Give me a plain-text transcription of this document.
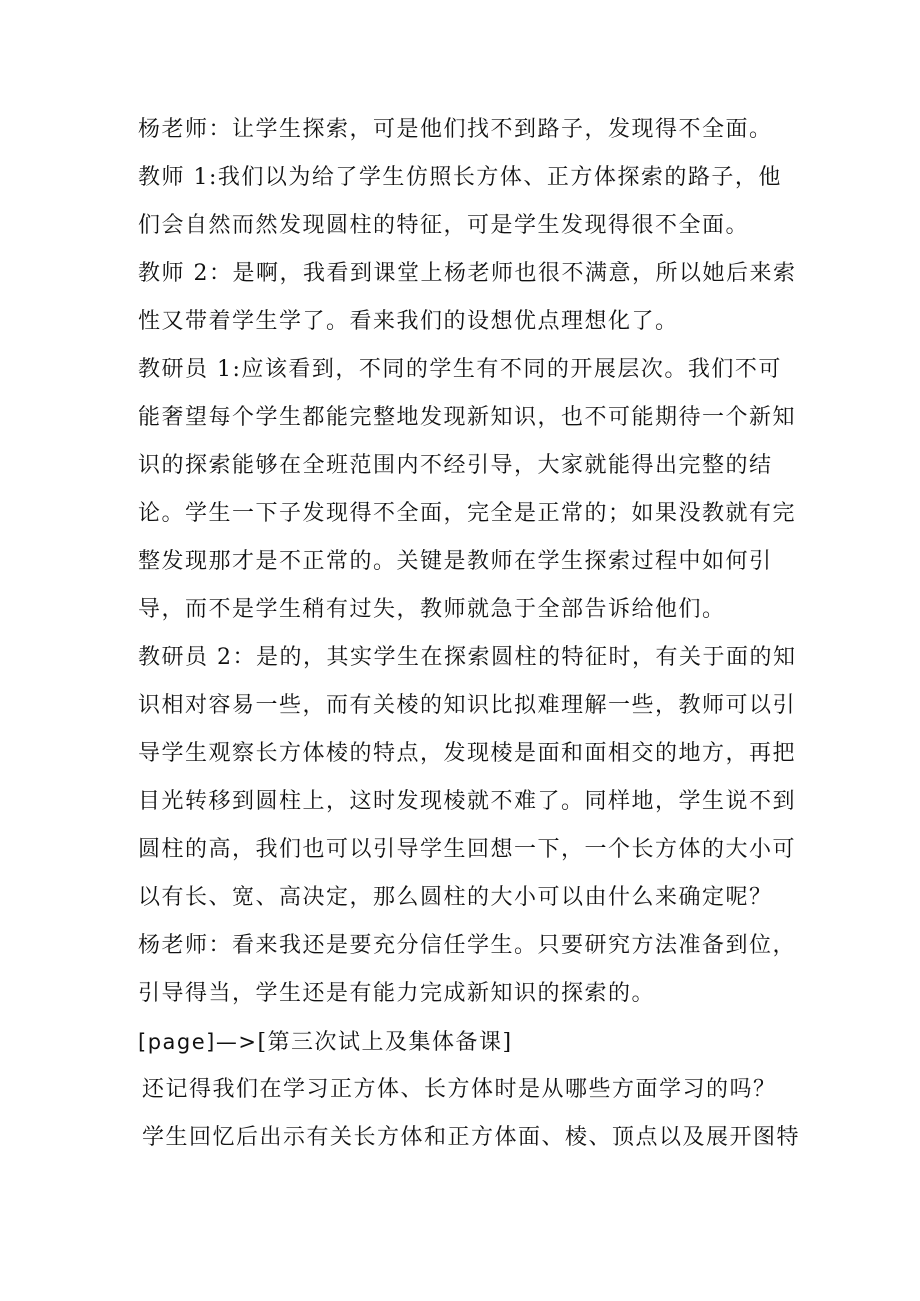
杨老师：让学生探索，可是他们找不到路子，发现得不全面。

教师 1:我们以为给了学生仿照长方体、正方体探索的路子，他

们会自然而然发现圆柱的特征，可是学生发现得很不全面。

教师 2：是啊，我看到课堂上杨老师也很不满意，所以她后来索

性又带着学生学了。看来我们的设想优点理想化了。

教研员 1:应该看到，不同的学生有不同的开展层次。我们不可

能奢望每个学生都能完整地发现新知识，也不可能期待一个新知

识的探索能够在全班范围内不经引导，大家就能得出完整的结

论。学生一下子发现得不全面，完全是正常的；如果没教就有完

整发现那才是不正常的。关键是教师在学生探索过程中如何引

导，而不是学生稍有过失，教师就急于全部告诉给他们。

教研员 2：是的，其实学生在探索圆柱的特征时，有关于面的知

识相对容易一些，而有关棱的知识比拟难理解一些，教师可以引

导学生观察长方体棱的特点，发现棱是面和面相交的地方，再把

目光转移到圆柱上，这时发现棱就不难了。同样地，学生说不到

圆柱的高，我们也可以引导学生回想一下，一个长方体的大小可

以有长、宽、高决定，那么圆柱的大小可以由什么来确定呢？

杨老师：看来我还是要充分信任学生。只要研究方法准备到位，

引导得当，学生还是有能力完成新知识的探索的。

[page]—>[第三次试上及集体备课]

还记得我们在学习正方体、长方体时是从哪些方面学习的吗？

学生回忆后出示有关长方体和正方体面、棱、顶点以及展开图特
